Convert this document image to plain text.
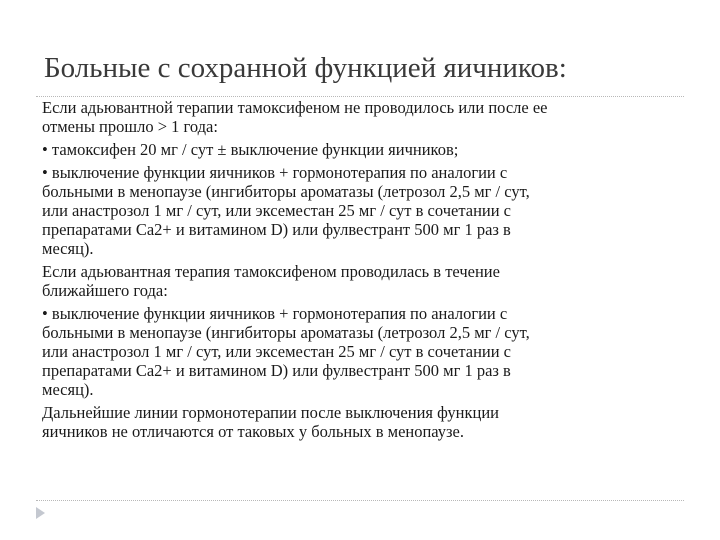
Больные с сохранной функцией яичников:

Если адьювантной терапии тамоксифеном не проводилось или после ее
отмены прошло > 1 года:

• тамоксифен 20 мг / сут ± выключение функции яичников;

• выключение функции яичников + гормонотерапия по аналогии с
больными в менопаузе (ингибиторы ароматазы (летрозол 2,5 мг / сут,
или анастрозол 1 мг / сут, или эксеместан 25 мг / сут в сочетании с
препаратами Са2+ и витамином D) или фулвестрант 500 мг 1 раз в
месяц).

Если адьювантная терапия тамоксифеном проводилась в течение
ближайшего года:

• выключение функции яичников + гормонотерапия по аналогии с
больными в менопаузе (ингибиторы ароматазы (летрозол 2,5 мг / сут,
или анастрозол 1 мг / сут, или эксеместан 25 мг / сут в сочетании с
препаратами Са2+ и витамином D) или фулвестрант 500 мг 1 раз в
месяц).

Дальнейшие линии гормонотерапии после выключения функции
яичников не отличаются от таковых у больных в менопаузе.
